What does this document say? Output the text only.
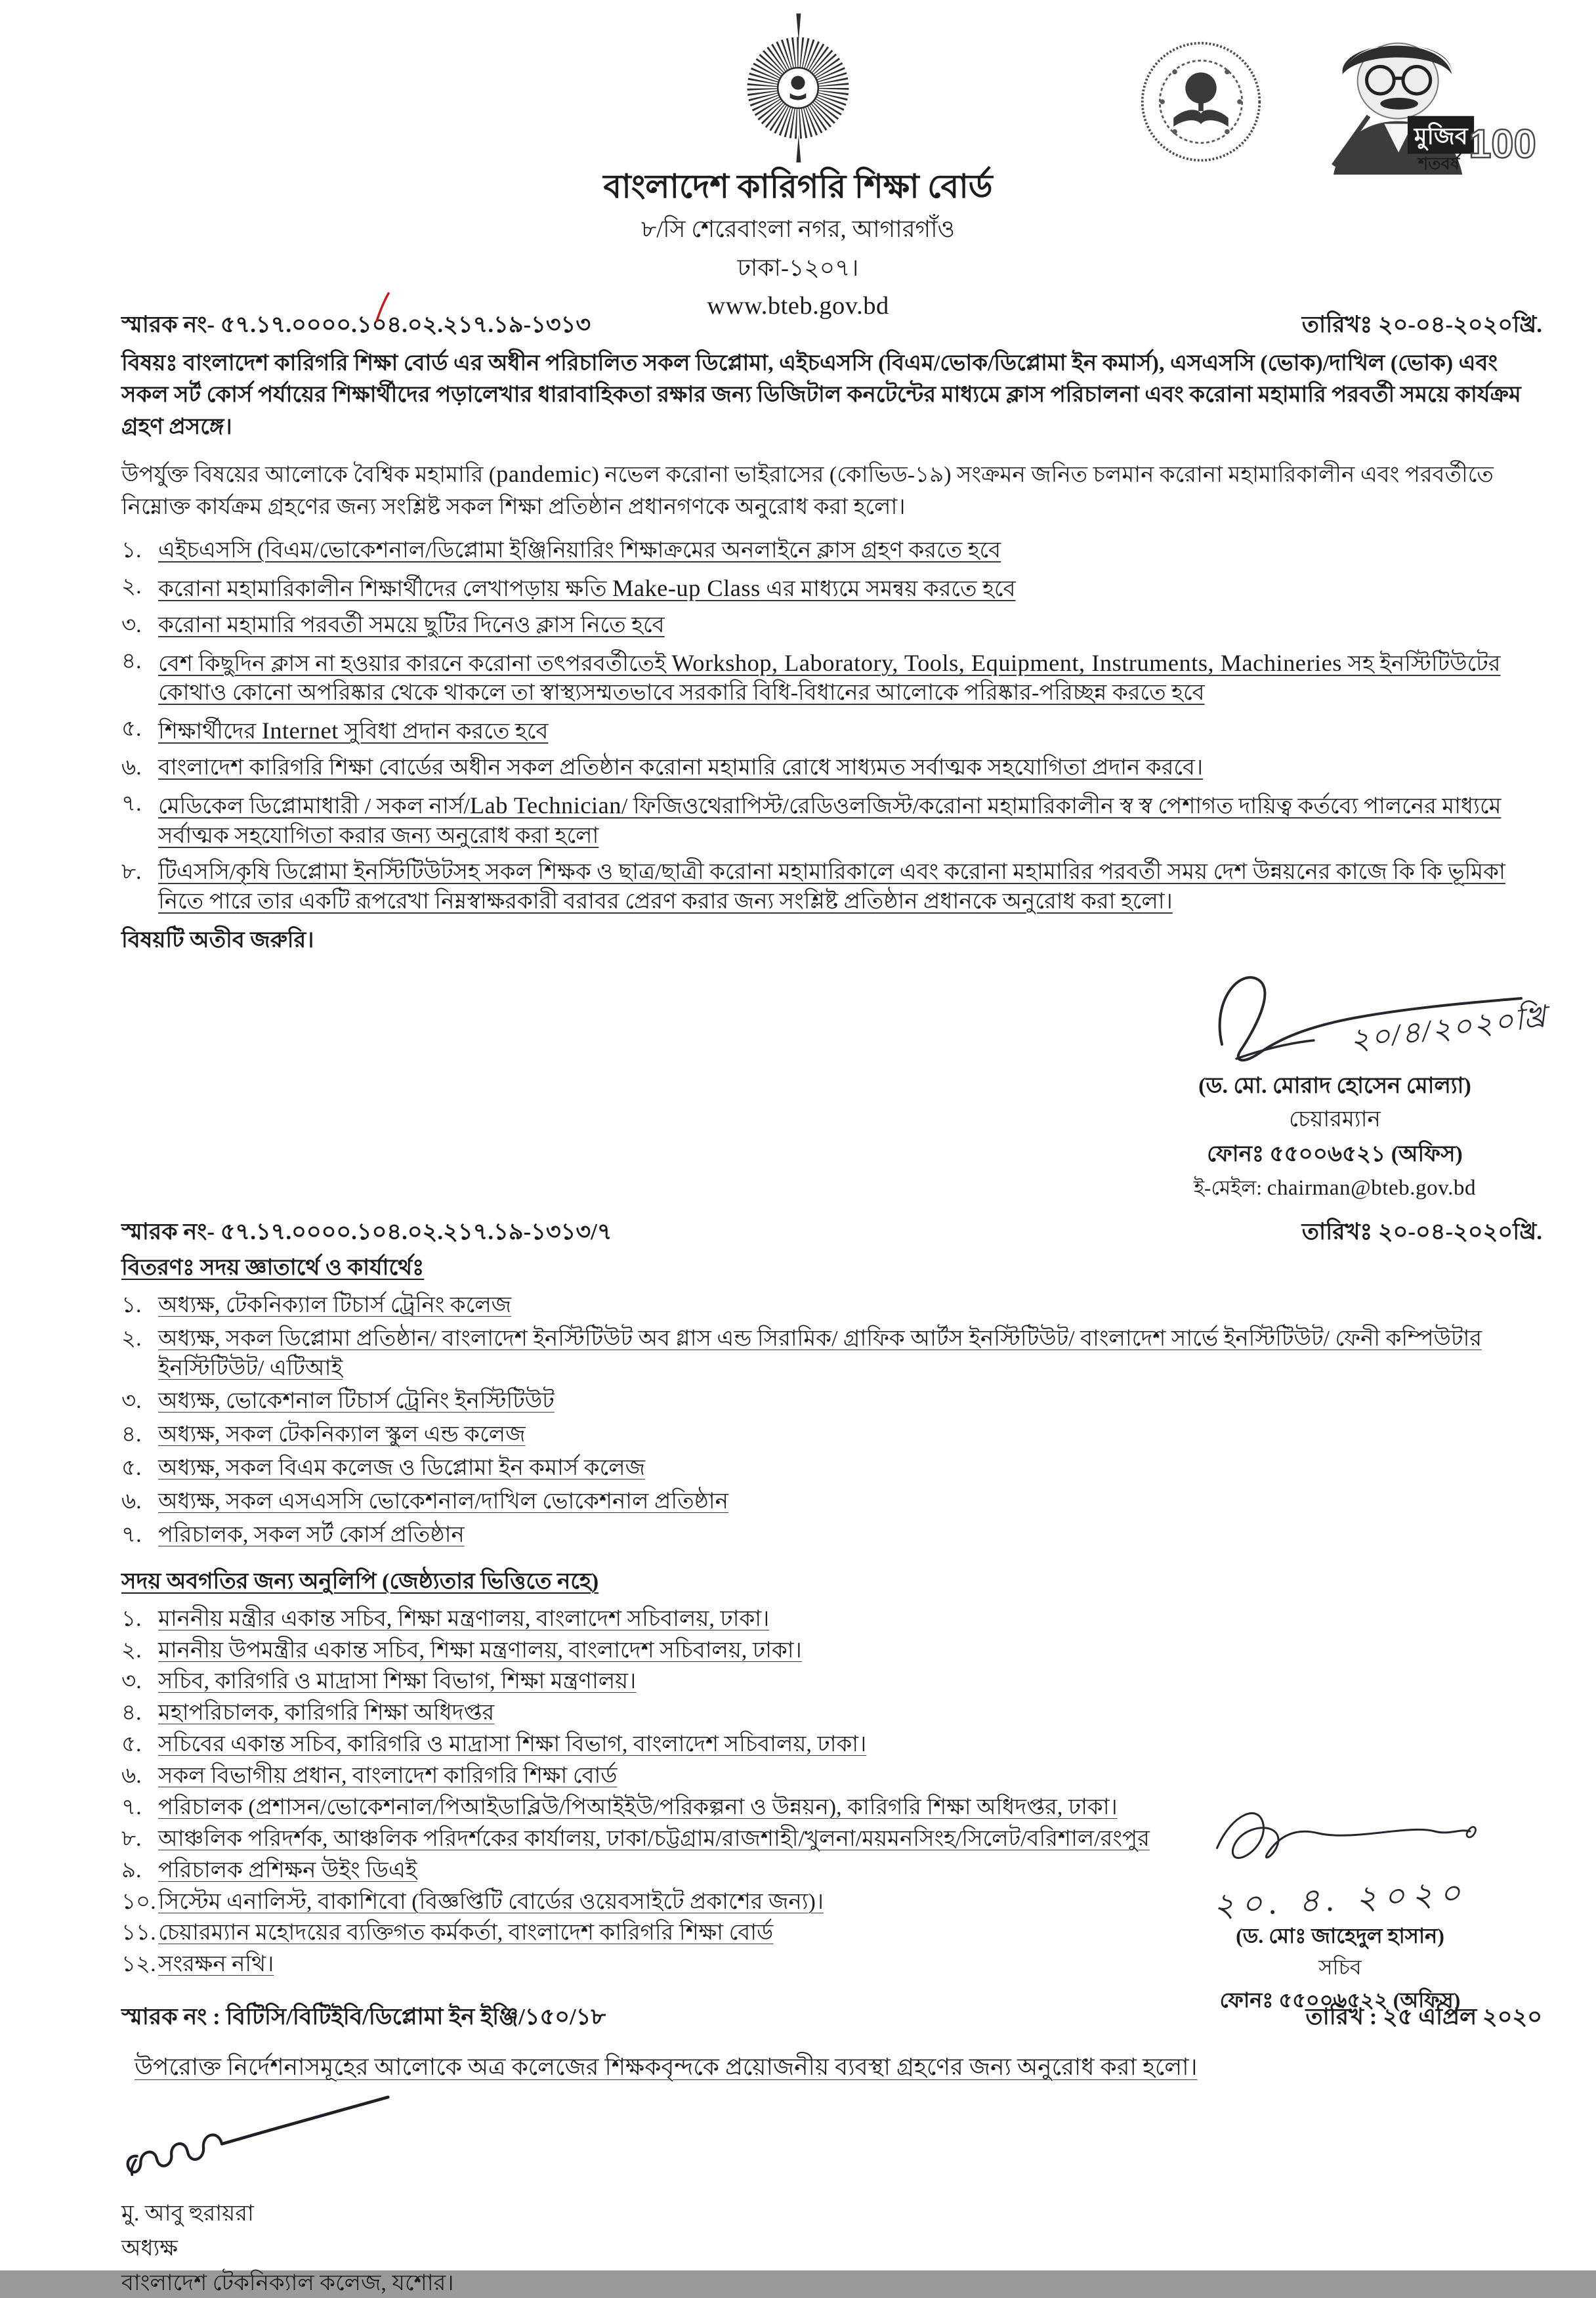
বাংলাদেশ কারিগরি শিক্ষা বোর্ড
৮/সি শেরেবাংলা নগর, আগারগাঁও
ঢাকা-১২০৭।
www.bteb.gov.bd
মুজিব
শতবর্ষ 100
স্মারক নং- ৫৭.১৭.০০০০.১০৪.০২.২১৭.১৯-১৩১৩	তারিখঃ ২০-০৪-২০২০খ্রি.

বিষয়ঃ বাংলাদেশ কারিগরি শিক্ষা বোর্ড এর অধীন পরিচালিত সকল ডিপ্লোমা, এইচএসসি (বিএম/ভোক/ডিপ্লোমা ইন কমার্স), এসএসসি (ভোক)/দাখিল (ভোক) এবং সকল সর্ট কোর্স পর্যায়ের শিক্ষার্থীদের পড়ালেখার ধারাবাহিকতা রক্ষার জন্য ডিজিটাল কনটেন্টের মাধ্যমে ক্লাস পরিচালনা এবং করোনা মহামারি পরবর্তী সময়ে কার্যক্রম গ্রহণ প্রসঙ্গে।

উপর্যুক্ত বিষয়ের আলোকে বৈশ্বিক মহামারি (pandemic) নভেল করোনা ভাইরাসের (কোভিড-১৯) সংক্রমন জনিত চলমান করোনা মহামারিকালীন এবং পরবর্তীতে নিম্নোক্ত কার্যক্রম গ্রহণের জন্য সংশ্লিষ্ট সকল শিক্ষা প্রতিষ্ঠান প্রধানগণকে অনুরোধ করা হলো।

১. এইচএসসি (বিএম/ভোকেশনাল/ডিপ্লোমা ইঞ্জিনিয়ারিং শিক্ষাক্রমের অনলাইনে ক্লাস গ্রহণ করতে হবে
২. করোনা মহামারিকালীন শিক্ষার্থীদের লেখাপড়ায় ক্ষতি Make-up Class এর মাধ্যমে সমন্বয় করতে হবে
৩. করোনা মহামারি পরবর্তী সময়ে ছুটির দিনেও ক্লাস নিতে হবে
৪. বেশ কিছুদিন ক্লাস না হওয়ার কারনে করোনা তৎপরবর্তীতেই Workshop, Laboratory, Tools, Equipment, Instruments, Machineries সহ ইনস্টিটিউটের কোথাও কোনো অপরিষ্কার থেকে থাকলে তা স্বাস্থ্যসম্মতভাবে সরকারি বিধি-বিধানের আলোকে পরিষ্কার-পরিচ্ছন্ন করতে হবে
৫. শিক্ষার্থীদের Internet সুবিধা প্রদান করতে হবে
৬. বাংলাদেশ কারিগরি শিক্ষা বোর্ডের অধীন সকল প্রতিষ্ঠান করোনা মহামারি রোধে সাধ্যমত সর্বাত্মক সহযোগিতা প্রদান করবে।
৭. মেডিকেল ডিপ্লোমাধারী / সকল নার্স/Lab Technician/ ফিজিওথেরাপিস্ট/রেডিওলজিস্ট/করোনা মহামারিকালীন স্ব স্ব পেশাগত দায়িত্ব কর্তব্যে পালনের মাধ্যমে সর্বাত্মক সহযোগিতা করার জন্য অনুরোধ করা হলো
৮. টিএসসি/কৃষি ডিপ্লোমা ইনস্টিটিউটসহ সকল শিক্ষক ও ছাত্র/ছাত্রী করোনা মহামারিকালে এবং করোনা মহামারির পরবর্তী সময় দেশ উন্নয়নের কাজে কি কি ভূমিকা নিতে পারে তার একটি রূপরেখা নিম্নস্বাক্ষরকারী বরাবর প্রেরণ করার জন্য সংশ্লিষ্ট প্রতিষ্ঠান প্রধানকে অনুরোধ করা হলো।

বিষয়টি অতীব জরুরি।

২০/৪/২০২০খ্রি
(ড. মো. মোরাদ হোসেন মোল্যা)
চেয়ারম্যান
ফোনঃ ৫৫০০৬৫২১ (অফিস)
ই-মেইল: chairman@bteb.gov.bd
স্মারক নং- ৫৭.১৭.০০০০.১০৪.০২.২১৭.১৯-১৩১৩/৭	তারিখঃ ২০-০৪-২০২০খ্রি.
বিতরণঃ সদয় জ্ঞাতার্থে ও কার্যার্থেঃ
১. অধ্যক্ষ, টেকনিক্যাল টিচার্স ট্রেনিং কলেজ
২. অধ্যক্ষ, সকল ডিপ্লোমা প্রতিষ্ঠান/ বাংলাদেশ ইনস্টিটিউট অব গ্লাস এন্ড সিরামিক/ গ্রাফিক আর্টস ইনস্টিটিউট/ বাংলাদেশ সার্ভে ইনস্টিটিউট/ ফেনী কম্পিউটার ইনস্টিটিউট/ এটিআই
৩. অধ্যক্ষ, ভোকেশনাল টিচার্স ট্রেনিং ইনস্টিটিউট
৪. অধ্যক্ষ, সকল টেকনিক্যাল স্কুল এন্ড কলেজ
৫. অধ্যক্ষ, সকল বিএম কলেজ ও ডিপ্লোমা ইন কমার্স কলেজ
৬. অধ্যক্ষ, সকল এসএসসি ভোকেশনাল/দাখিল ভোকেশনাল প্রতিষ্ঠান
৭. পরিচালক, সকল সর্ট কোর্স প্রতিষ্ঠান
সদয় অবগতির জন্য অনুলিপি (জেষ্ঠ্যতার ভিত্তিতে নহে)
১. মাননীয় মন্ত্রীর একান্ত সচিব, শিক্ষা মন্ত্রণালয়, বাংলাদেশ সচিবালয়, ঢাকা।
২. মাননীয় উপমন্ত্রীর একান্ত সচিব, শিক্ষা মন্ত্রণালয়, বাংলাদেশ সচিবালয়, ঢাকা।
৩. সচিব, কারিগরি ও মাদ্রাসা শিক্ষা বিভাগ, শিক্ষা মন্ত্রণালয়।
৪. মহাপরিচালক, কারিগরি শিক্ষা অধিদপ্তর
৫. সচিবের একান্ত সচিব, কারিগরি ও মাদ্রাসা শিক্ষা বিভাগ, বাংলাদেশ সচিবালয়, ঢাকা।
৬. সকল বিভাগীয় প্রধান, বাংলাদেশ কারিগরি শিক্ষা বোর্ড
৭. পরিচালক (প্রশাসন/ভোকেশনাল/পিআইডাব্লিউ/পিআইইউ/পরিকল্পনা ও উন্নয়ন), কারিগরি শিক্ষা অধিদপ্তর, ঢাকা।
৮. আঞ্চলিক পরিদর্শক, আঞ্চলিক পরিদর্শকের কার্যালয়, ঢাকা/চট্টগ্রাম/রাজশাহী/খুলনা/ময়মনসিংহ/সিলেট/বরিশাল/রংপুর
৯. পরিচালক প্রশিক্ষন উইং ডিএই
১০. সিস্টেম এনালিস্ট, বাকাশিবো (বিজ্ঞপ্তিটি বোর্ডের ওয়েবসাইটে প্রকাশের জন্য)।
১১. চেয়ারম্যান মহোদয়ের ব্যক্তিগত কর্মকর্তা, বাংলাদেশ কারিগরি শিক্ষা বোর্ড
১২. সংরক্ষন নথি।
২০. ৪. ২০২০
(ড. মোঃ জাহেদুল হাসান)
সচিব
ফোনঃ ৫৫০০৬৫২২ (অফিস)
স্মারক নং : বিটিসি/বিটিইবি/ডিপ্লোমা ইন ইঞ্জি/১৫০/১৮	তারিখ : ২৫ এপ্রিল ২০২০

উপরোক্ত নির্দেশনাসমূহের আলোকে অত্র কলেজের শিক্ষকবৃন্দকে প্রয়োজনীয় ব্যবস্থা গ্রহণের জন্য অনুরোধ করা হলো।

মু. আবু হুরায়রা
অধ্যক্ষ
বাংলাদেশ টেকনিক্যাল কলেজ, যশোর।
